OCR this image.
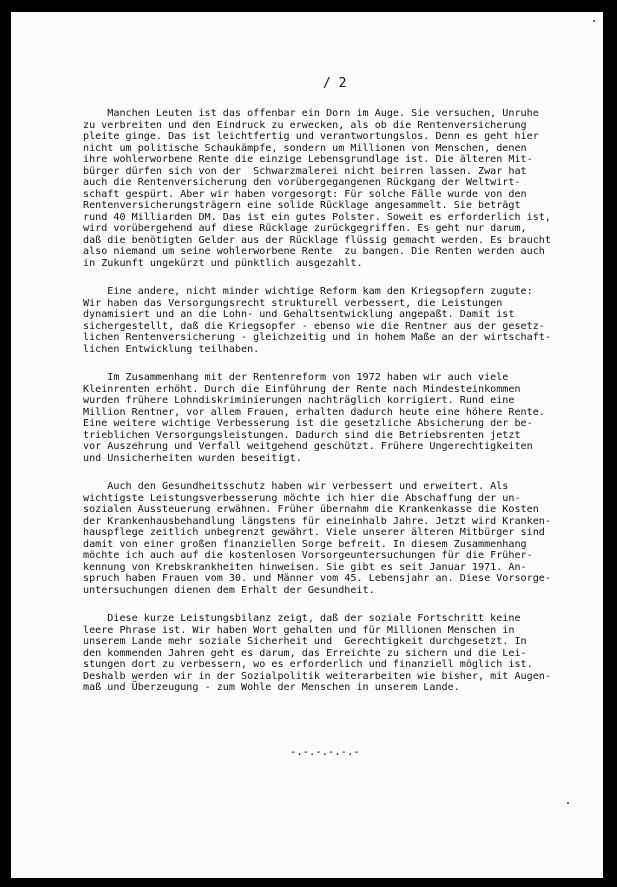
/ 2

Manchen Leuten ist das offenbar ein Dorn im Auge. Sie versuchen, Unruhe
zu verbreiten und den Eindruck zu erwecken, als ob die Rentenversicherung
pleite ginge. Das ist leichtfertig und verantwortungslos. Denn es geht hier
nicht um politische Schaukämpfe, sondern um Millionen von Menschen, denen
ihre wohlerworbene Rente die einzige Lebensgrundlage ist. Die älteren Mit-
bürger dürfen sich von der  Schwarzmalerei nicht beirren lassen. Zwar hat
auch die Rentenversicherung den vorübergegangenen Rückgang der Weltwirt-
schaft gespürt. Aber wir haben vorgesorgt: Für solche Fälle wurde von den
Rentenversicherungsträgern eine solide Rücklage angesammelt. Sie beträgt
rund 40 Milliarden DM. Das ist ein gutes Polster. Soweit es erforderlich ist,
wird vorübergehend auf diese Rücklage zurückgegriffen. Es geht nur darum,
daß die benötigten Gelder aus der Rücklage flüssig gemacht werden. Es braucht
also niemand um seine wohlerworbene Rente  zu bangen. Die Renten werden auch
in Zukunft ungekürzt und pünktlich ausgezahlt.

Eine andere, nicht minder wichtige Reform kam den Kriegsopfern zugute:
Wir haben das Versorgungsrecht strukturell verbessert, die Leistungen
dynamisiert und an die Lohn- und Gehaltsentwicklung angepaßt. Damit ist
sichergestellt, daß die Kriegsopfer - ebenso wie die Rentner aus der gesetz-
lichen Rentenversicherung - gleichzeitig und in hohem Maße an der wirtschaft-
lichen Entwicklung teilhaben.

Im Zusammenhang mit der Rentenreform von 1972 haben wir auch viele
Kleinrenten erhöht. Durch die Einführung der Rente nach Mindesteinkommen
wurden frühere Lohndiskriminierungen nachträglich korrigiert. Rund eine
Million Rentner, vor allem Frauen, erhalten dadurch heute eine höhere Rente.
Eine weitere wichtige Verbesserung ist die gesetzliche Absicherung der be-
trieblichen Versorgungsleistungen. Dadurch sind die Betriebsrenten jetzt
vor Auszehrung und Verfall weitgehend geschützt. Frühere Ungerechtigkeiten
und Unsicherheiten wurden beseitigt.

Auch den Gesundheitsschutz haben wir verbessert und erweitert. Als
wichtigste Leistungsverbesserung möchte ich hier die Abschaffung der un-
sozialen Aussteuerung erwähnen. Früher übernahm die Krankenkasse die Kosten
der Krankenhausbehandlung längstens für eineinhalb Jahre. Jetzt wird Kranken-
hauspflege zeitlich unbegrenzt gewährt. Viele unserer älteren Mitbürger sind
damit von einer großen finanziellen Sorge befreit. In diesem Zusammenhang
möchte ich auch auf die kostenlosen Vorsorgeuntersuchungen für die Früher-
kennung von Krebskrankheiten hinweisen. Sie gibt es seit Januar 1971. An-
spruch haben Frauen vom 30. und Männer vom 45. Lebensjahr an. Diese Vorsorge-
untersuchungen dienen dem Erhalt der Gesundheit.

Diese kurze Leistungsbilanz zeigt, daß der soziale Fortschritt keine
leere Phrase ist. Wir haben Wort gehalten und für Millionen Menschen in
unserem Lande mehr soziale Sicherheit und  Gerechtigkeit durchgesetzt. In
den kommenden Jahren geht es darum, das Erreichte zu sichern und die Lei-
stungen dort zu verbessern, wo es erforderlich und finanziell möglich ist.
Deshalb werden wir in der Sozialpolitik weiterarbeiten wie bisher, mit Augen-
maß und Überzeugung - zum Wohle der Menschen in unserem Lande.

-.-.-.-.-.-
